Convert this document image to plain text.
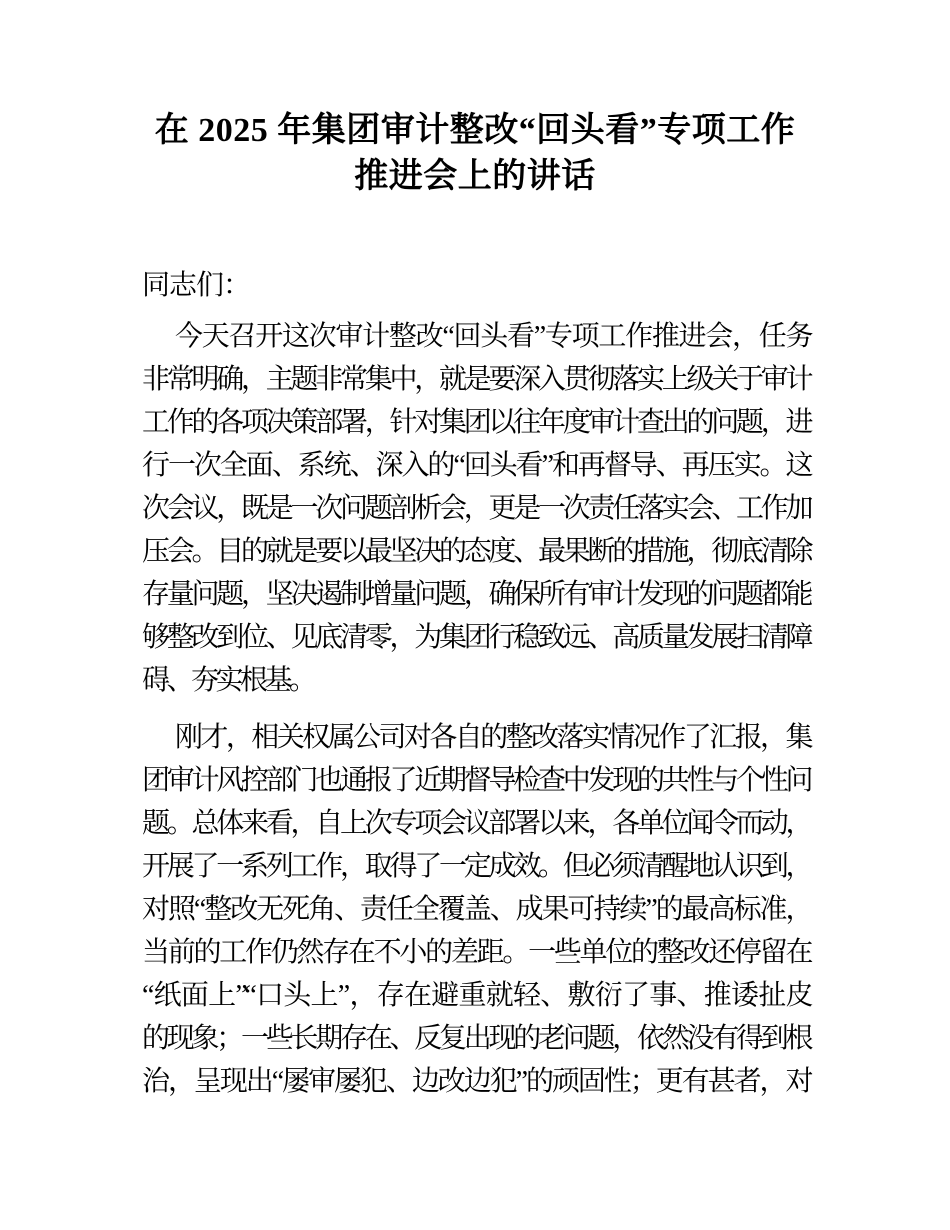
在 2025 年集团审计整改“回头看”专项工作
推进会上的讲话
同志们：
今天召开这次审计整改“回头看”专项工作推进会，任务
非常明确，主题非常集中，就是要深入贯彻落实上级关于审计
工作的各项决策部署，针对集团以往年度审计查出的问题，进
行一次全面、系统、深入的“回头看”和再督导、再压实。这
次会议，既是一次问题剖析会，更是一次责任落实会、工作加
压会。目的就是要以最坚决的态度、最果断的措施，彻底清除
存量问题，坚决遏制增量问题，确保所有审计发现的问题都能
够整改到位、见底清零，为集团行稳致远、高质量发展扫清障
碍、夯实根基。
刚才，相关权属公司对各自的整改落实情况作了汇报，集
团审计风控部门也通报了近期督导检查中发现的共性与个性问
题。总体来看，自上次专项会议部署以来，各单位闻令而动，
开展了一系列工作，取得了一定成效。但必须清醒地认识到，
对照“整改无死角、责任全覆盖、成果可持续”的最高标准，
当前的工作仍然存在不小的差距。一些单位的整改还停留在
“纸面上”“口头上”，存在避重就轻、敷衍了事、推诿扯皮
的现象；一些长期存在、反复出现的老问题，依然没有得到根
治，呈现出“屡审屡犯、边改边犯”的顽固性；更有甚者，对
